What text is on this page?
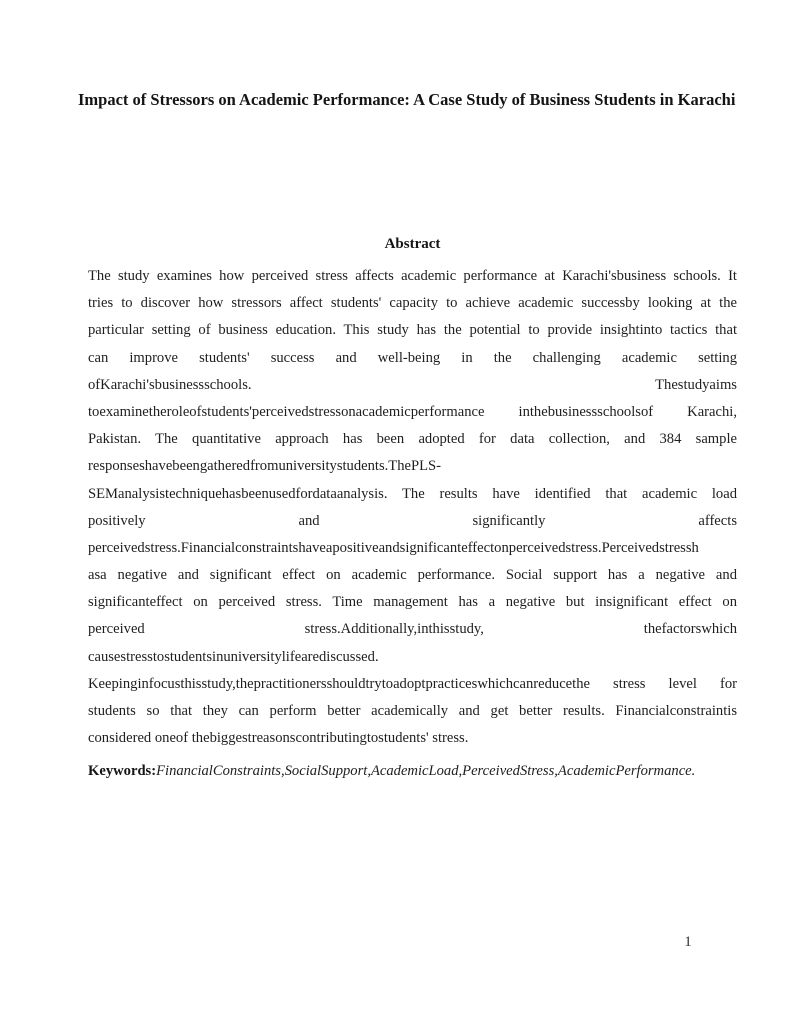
Impact of Stressors on Academic Performance: A Case Study of Business Students in Karachi
Abstract
The study examines how perceived stress affects academic performance at Karachi'sbusiness schools. It
tries to discover how stressors affect students' capacity to achieve academic successby looking at the
particular setting of business education. This study has the potential to provide insightinto tactics that
can improve students' success and well-being in the challenging academic setting
ofKarachi'sbusinessschools. Thestudyaims
toexaminetheroleofstudents'perceivedstressonacademicperformance inthebusinessschoolsof Karachi,
Pakistan. The quantitative approach has been adopted for data collection, and 384 sample
responseshavebeengatheredfromuniversitystudents.ThePLS-
SEManalysistechniquehasbeenusedfordataanalysis. The results have identified that academic load
positively and significantly affects
perceivedstress.Financialconstraintshaveapositiveandsignificanteffectonperceivedstress.Perceivedstressh
asa negative and significant effect on academic performance. Social support has a negative and
significanteffect on perceived stress. Time management has a negative but insignificant effect on
perceived stress.Additionally,inthisstudy, thefactorswhich
causestresstostudentsinuniversitylifearediscussed.
Keepinginfocusthisstudy,thepractitionersshouldtrytoadoptpracticeswhichcanreducethe stress level for
students so that they can perform better academically and get better results. Financialconstraintis
considered oneof thebiggestreasonscontributingtostudents' stress.
Keywords:FinancialConstraints,SocialSupport,AcademicLoad,PerceivedStress,AcademicPerformance.
1
